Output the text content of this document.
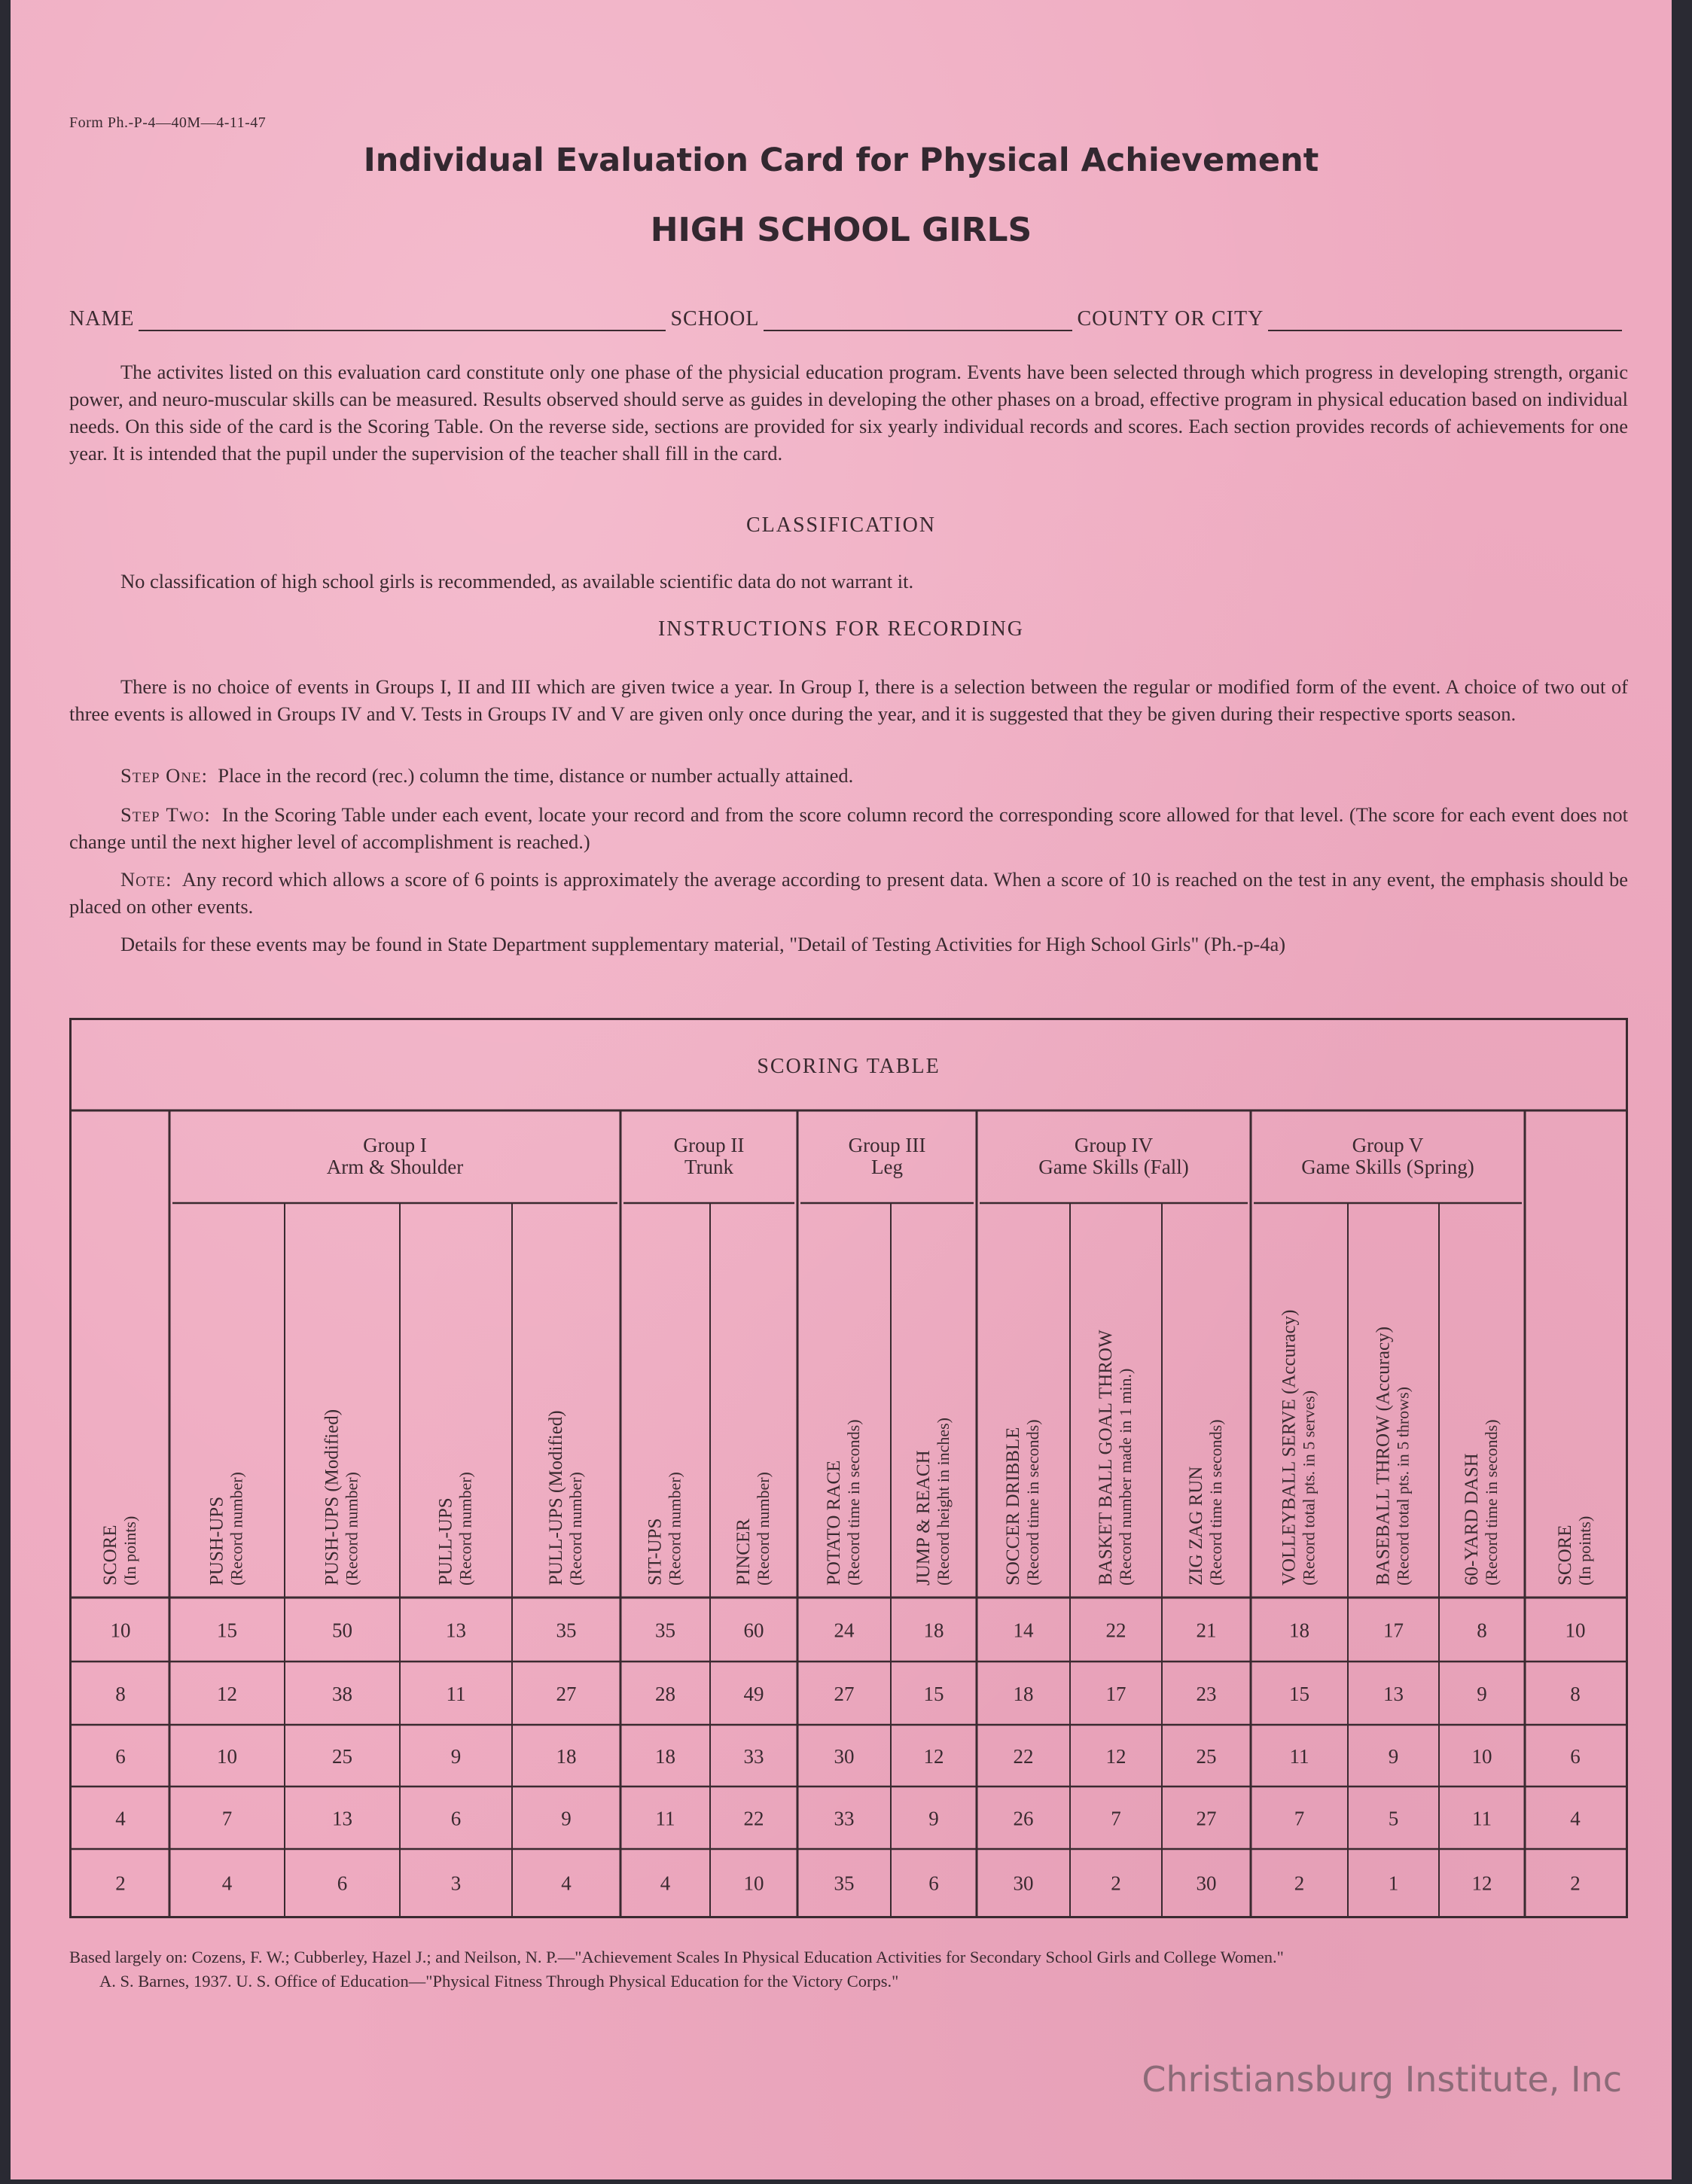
Form Ph.-P-4—40M—4-11-47
Individual Evaluation Card for Physical Achievement
HIGH SCHOOL GIRLS
NAME	SCHOOL	COUNTY OR CITY

The activites listed on this evaluation card constitute only one phase of the physicial education program. Events have been selected through which progress in developing strength, organic power, and neuro-muscular skills can be measured. Results observed should serve as guides in developing the other phases on a broad, effective program in physical education based on individual needs. On this side of the card is the Scoring Table. On the reverse side, sections are provided for six yearly individual records and scores. Each section provides records of achievements for one year. It is intended that the pupil under the supervision of the teacher shall fill in the card.

CLASSIFICATION

No classification of high school girls is recommended, as available scientific data do not warrant it.

INSTRUCTIONS FOR RECORDING

There is no choice of events in Groups I, II and III which are given twice a year. In Group I, there is a selection between the regular or modified form of the event. A choice of two out of three events is allowed in Groups IV and V. Tests in Groups IV and V are given only once during the year, and it is suggested that they be given during their respective sports season.

Step One: Place in the record (rec.) column the time, distance or number actually attained.

Step Two: In the Scoring Table under each event, locate your record and from the score column record the corresponding score allowed for that level. (The score for each event does not change until the next higher level of accomplishment is reached.)

Note: Any record which allows a score of 6 points is approximately the average according to present data. When a score of 10 is reached on the test in any event, the emphasis should be placed on other events.

Details for these events may be found in State Department supplementary material, "Detail of Testing Activities for High School Girls" (Ph.-p-4a)

SCORING TABLE
Group I
Arm & Shoulder
Group II
Trunk
Group III
Leg
Group IV
Game Skills (Fall)
Group V
Game Skills (Spring)
SCORE (In points)	PUSH-UPS (Record number)	PUSH-UPS (Modified) (Record number)	PULL-UPS (Record number)	PULL-UPS (Modified) (Record number)	SIT-UPS (Record number)	PINCER (Record number)	POTATO RACE (Record time in seconds)	JUMP & REACH (Record height in inches)	SOCCER DRIBBLE (Record time in seconds)	BASKET BALL GOAL THROW (Record number made in 1 min.)	ZIG ZAG RUN (Record time in seconds)	VOLLEYBALL SERVE (Accuracy) (Record total pts. in 5 serves)	BASEBALL THROW (Accuracy) (Record total pts. in 5 throws)	60-YARD DASH (Record time in seconds)	SCORE (In points)
10	15	50	13	35	35	60	24	18	14	22	21	18	17	8	10
8	12	38	11	27	28	49	27	15	18	17	23	15	13	9	8
6	10	25	9	18	18	33	30	12	22	12	25	11	9	10	6
4	7	13	6	9	11	22	33	9	26	7	27	7	5	11	4
2	4	6	3	4	4	10	35	6	30	2	30	2	1	12	2
Based largely on: Cozens, F. W.; Cubberley, Hazel J.; and Neilson, N. P.—"Achievement Scales In Physical Education Activities for Secondary School Girls and College Women."
A. S. Barnes, 1937. U. S. Office of Education—"Physical Fitness Through Physical Education for the Victory Corps."
Christiansburg Institute, Inc
